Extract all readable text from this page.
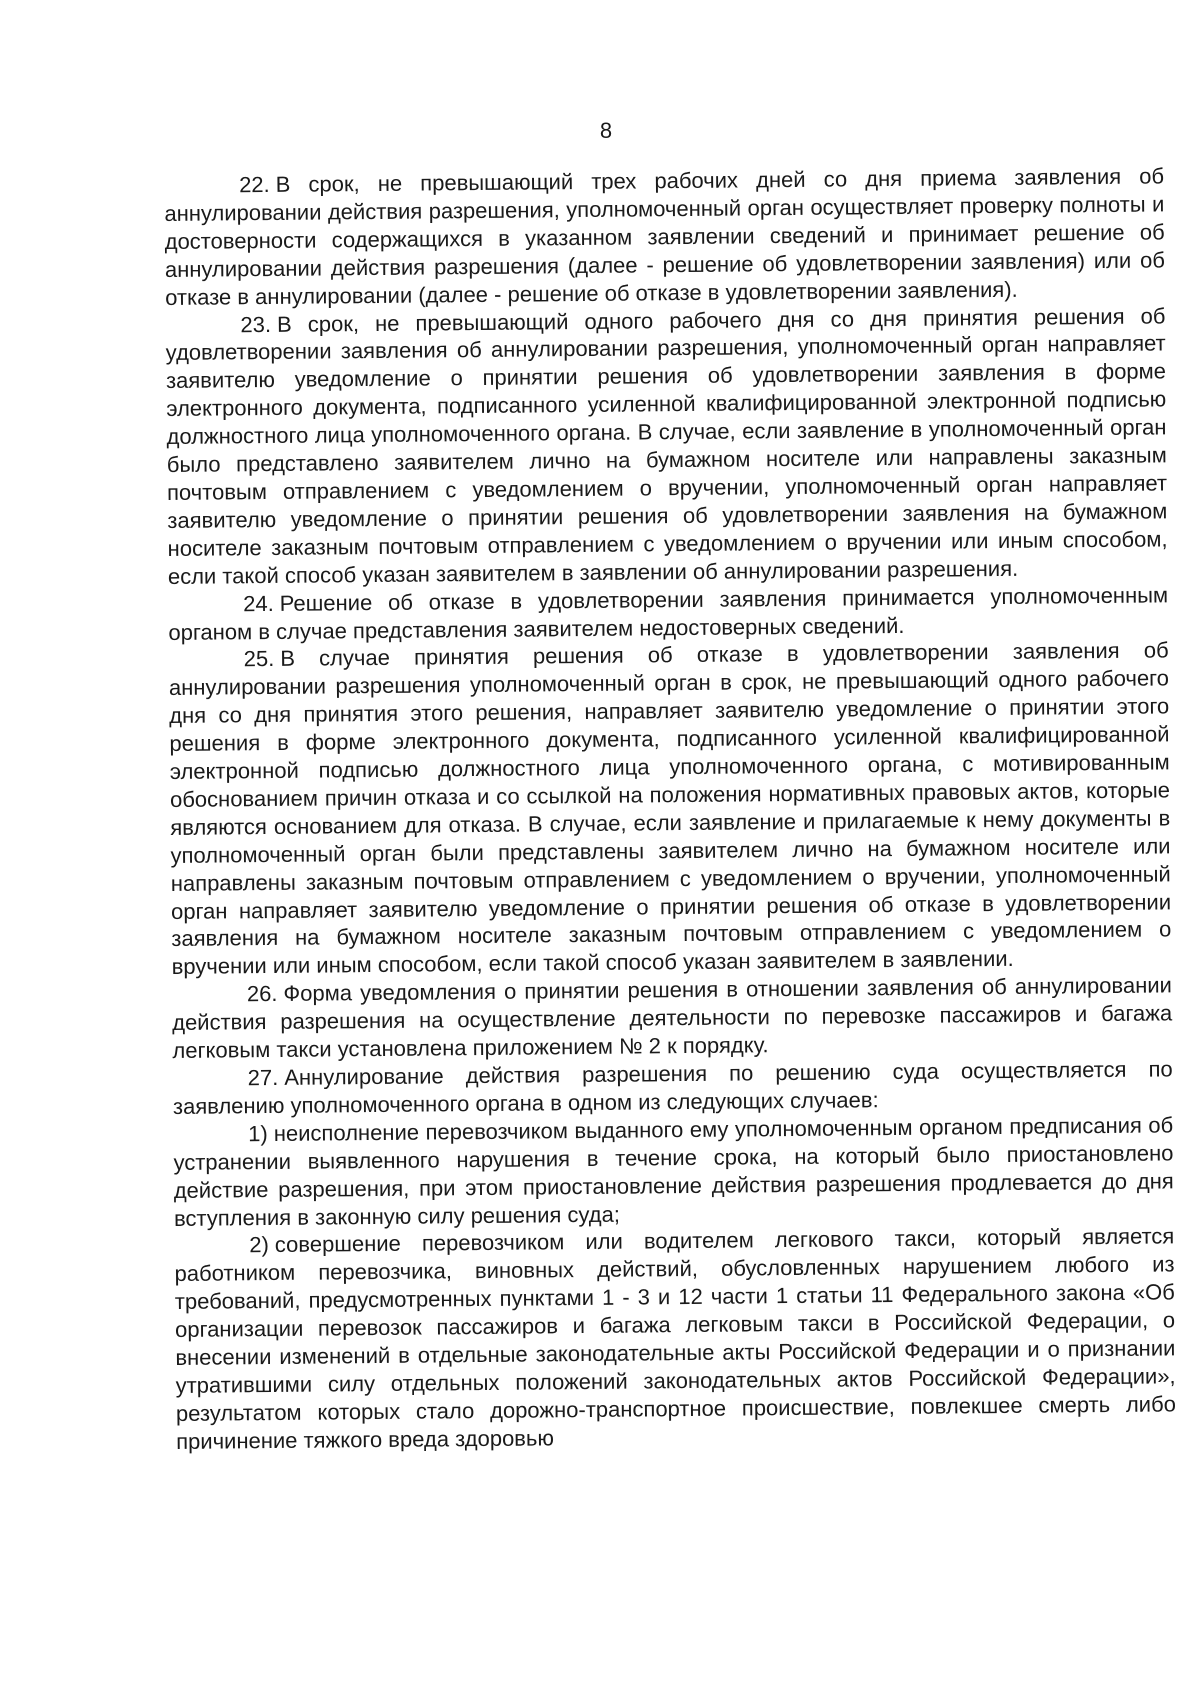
8

22. В срок, не превышающий трех рабочих дней со дня приема заявления об аннулировании действия разрешения, уполномоченный орган осуществляет проверку полноты и достоверности содержащихся в указанном заявлении сведений и принимает решение об аннулировании действия разрешения (далее - решение об удовлетворении заявления) или об отказе в аннулировании (далее - решение об отказе в удовлетворении заявления).

23. В срок, не превышающий одного рабочего дня со дня принятия решения об удовлетворении заявления об аннулировании разрешения, уполномоченный орган направляет заявителю уведомление о принятии решения об удовлетворении заявления в форме электронного документа, подписанного усиленной квалифицированной электронной подписью должностного лица уполномоченного органа. В случае, если заявление в уполномоченный орган было представлено заявителем лично на бумажном носителе или направлены заказным почтовым отправлением с уведомлением о вручении, уполномоченный орган направляет заявителю уведомление о принятии решения об удовлетворении заявления на бумажном носителе заказным почтовым отправлением с уведомлением о вручении или иным способом, если такой способ указан заявителем в заявлении об аннулировании разрешения.

24. Решение об отказе в удовлетворении заявления принимается уполномоченным органом в случае представления заявителем недостоверных сведений.

25. В случае принятия решения об отказе в удовлетворении заявления об аннулировании разрешения уполномоченный орган в срок, не превышающий одного рабочего дня со дня принятия этого решения, направляет заявителю уведомление о принятии этого решения в форме электронного документа, подписанного усиленной квалифицированной электронной подписью должностного лица уполномоченного органа, с мотивированным обоснованием причин отказа и со ссылкой на положения нормативных правовых актов, которые являются основанием для отказа. В случае, если заявление и прилагаемые к нему документы в уполномоченный орган были представлены заявителем лично на бумажном носителе или направлены заказным почтовым отправлением с уведомлением о вручении, уполномоченный орган направляет заявителю уведомление о принятии решения об отказе в удовлетворении заявления на бумажном носителе заказным почтовым отправлением с уведомлением о вручении или иным способом, если такой способ указан заявителем в заявлении.

26. Форма уведомления о принятии решения в отношении заявления об аннулировании действия разрешения на осуществление деятельности по перевозке пассажиров и багажа легковым такси установлена приложением № 2 к порядку.

27. Аннулирование действия разрешения по решению суда осуществляется по заявлению уполномоченного органа в одном из следующих случаев:

1) неисполнение перевозчиком выданного ему уполномоченным органом предписания об устранении выявленного нарушения в течение срока, на который было приостановлено действие разрешения, при этом приостановление действия разрешения продлевается до дня вступления в законную силу решения суда;

2) совершение перевозчиком или водителем легкового такси, который является работником перевозчика, виновных действий, обусловленных нарушением любого из требований, предусмотренных пунктами 1 - 3 и 12 части 1 статьи 11 Федерального закона «Об организации перевозок пассажиров и багажа легковым такси в Российской Федерации, о внесении изменений в отдельные законодательные акты Российской Федерации и о признании утратившими силу отдельных положений законодательных актов Российской Федерации», результатом которых стало дорожно-транспортное происшествие, повлекшее смерть либо причинение тяжкого вреда здоровью
